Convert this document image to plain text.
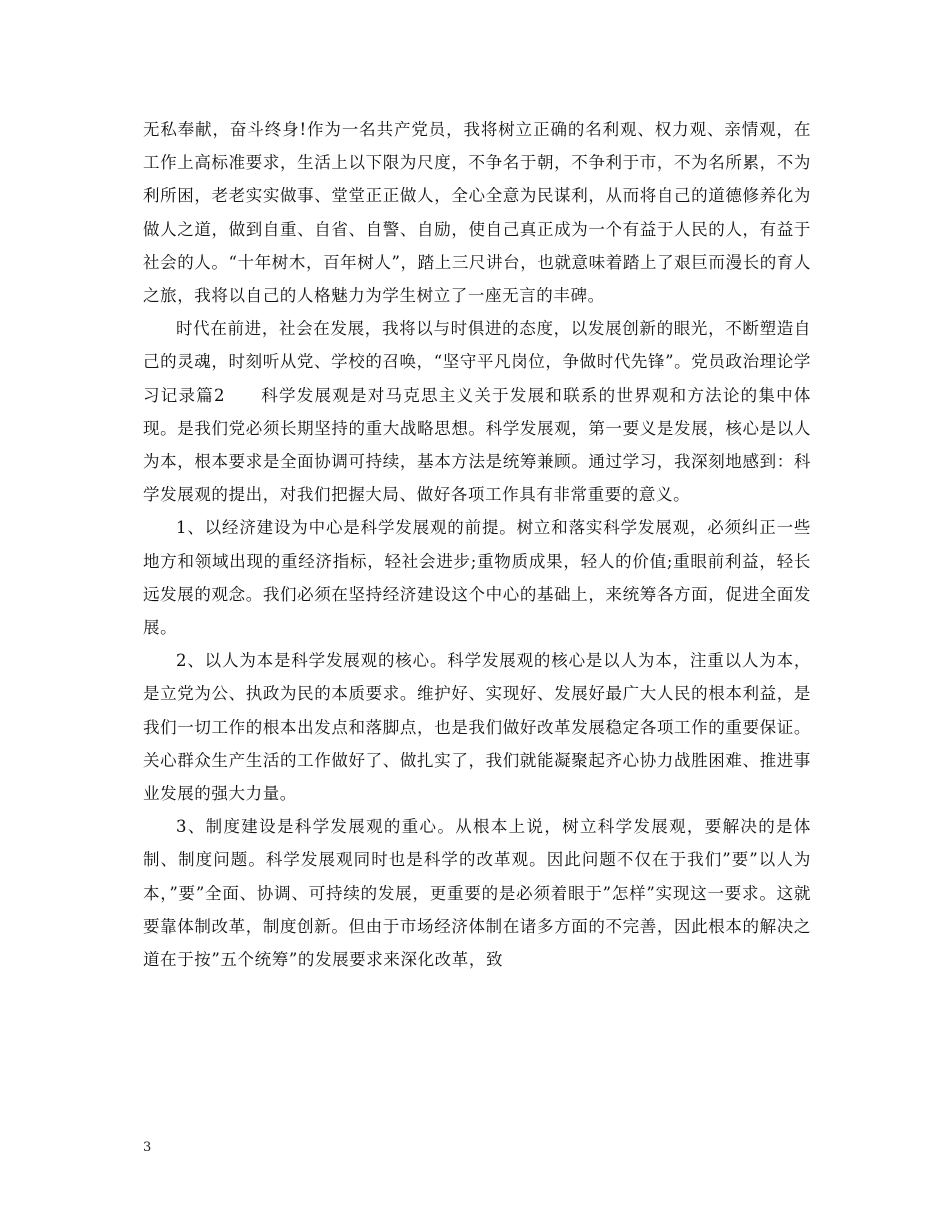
无私奉献，奋斗终身!作为一名共产党员，我将树立正确的名利观、权力观、亲情观，在工作上高标准要求，生活上以下限为尺度，不争名于朝，不争利于市，不为名所累，不为利所困，老老实实做事、堂堂正正做人，全心全意为民谋利，从而将自己的道德修养化为做人之道，做到自重、自省、自警、自励，使自己真正成为一个有益于人民的人，有益于社会的人。“十年树木，百年树人”，踏上三尺讲台，也就意味着踏上了艰巨而漫长的育人之旅，我将以自己的人格魅力为学生树立了一座无言的丰碑。

时代在前进，社会在发展，我将以与时俱进的态度，以发展创新的眼光，不断塑造自己的灵魂，时刻听从党、学校的召唤，“坚守平凡岗位，争做时代先锋”。党员政治理论学习记录篇2　　科学发展观是对马克思主义关于发展和联系的世界观和方法论的集中体现。是我们党必须长期坚持的重大战略思想。科学发展观，第一要义是发展，核心是以人为本，根本要求是全面协调可持续，基本方法是统筹兼顾。通过学习，我深刻地感到：科学发展观的提出，对我们把握大局、做好各项工作具有非常重要的意义。

1、以经济建设为中心是科学发展观的前提。树立和落实科学发展观，必须纠正一些地方和领域出现的重经济指标，轻社会进步;重物质成果，轻人的价值;重眼前利益，轻长远发展的观念。我们必须在坚持经济建设这个中心的基础上，来统筹各方面，促进全面发展。

2、以人为本是科学发展观的核心。科学发展观的核心是以人为本，注重以人为本，是立党为公、执政为民的本质要求。维护好、实现好、发展好最广大人民的根本利益，是我们一切工作的根本出发点和落脚点，也是我们做好改革发展稳定各项工作的重要保证。关心群众生产生活的工作做好了、做扎实了，我们就能凝聚起齐心协力战胜困难、推进事业发展的强大力量。

3、制度建设是科学发展观的重心。从根本上说，树立科学发展观，要解决的是体制、制度问题。科学发展观同时也是科学的改革观。因此问题不仅在于我们”要”以人为本，”要”全面、协调、可持续的发展，更重要的是必须着眼于”怎样”实现这一要求。这就要靠体制改革，制度创新。但由于市场经济体制在诸多方面的不完善，因此根本的解决之道在于按”五个统筹”的发展要求来深化改革，致

3
